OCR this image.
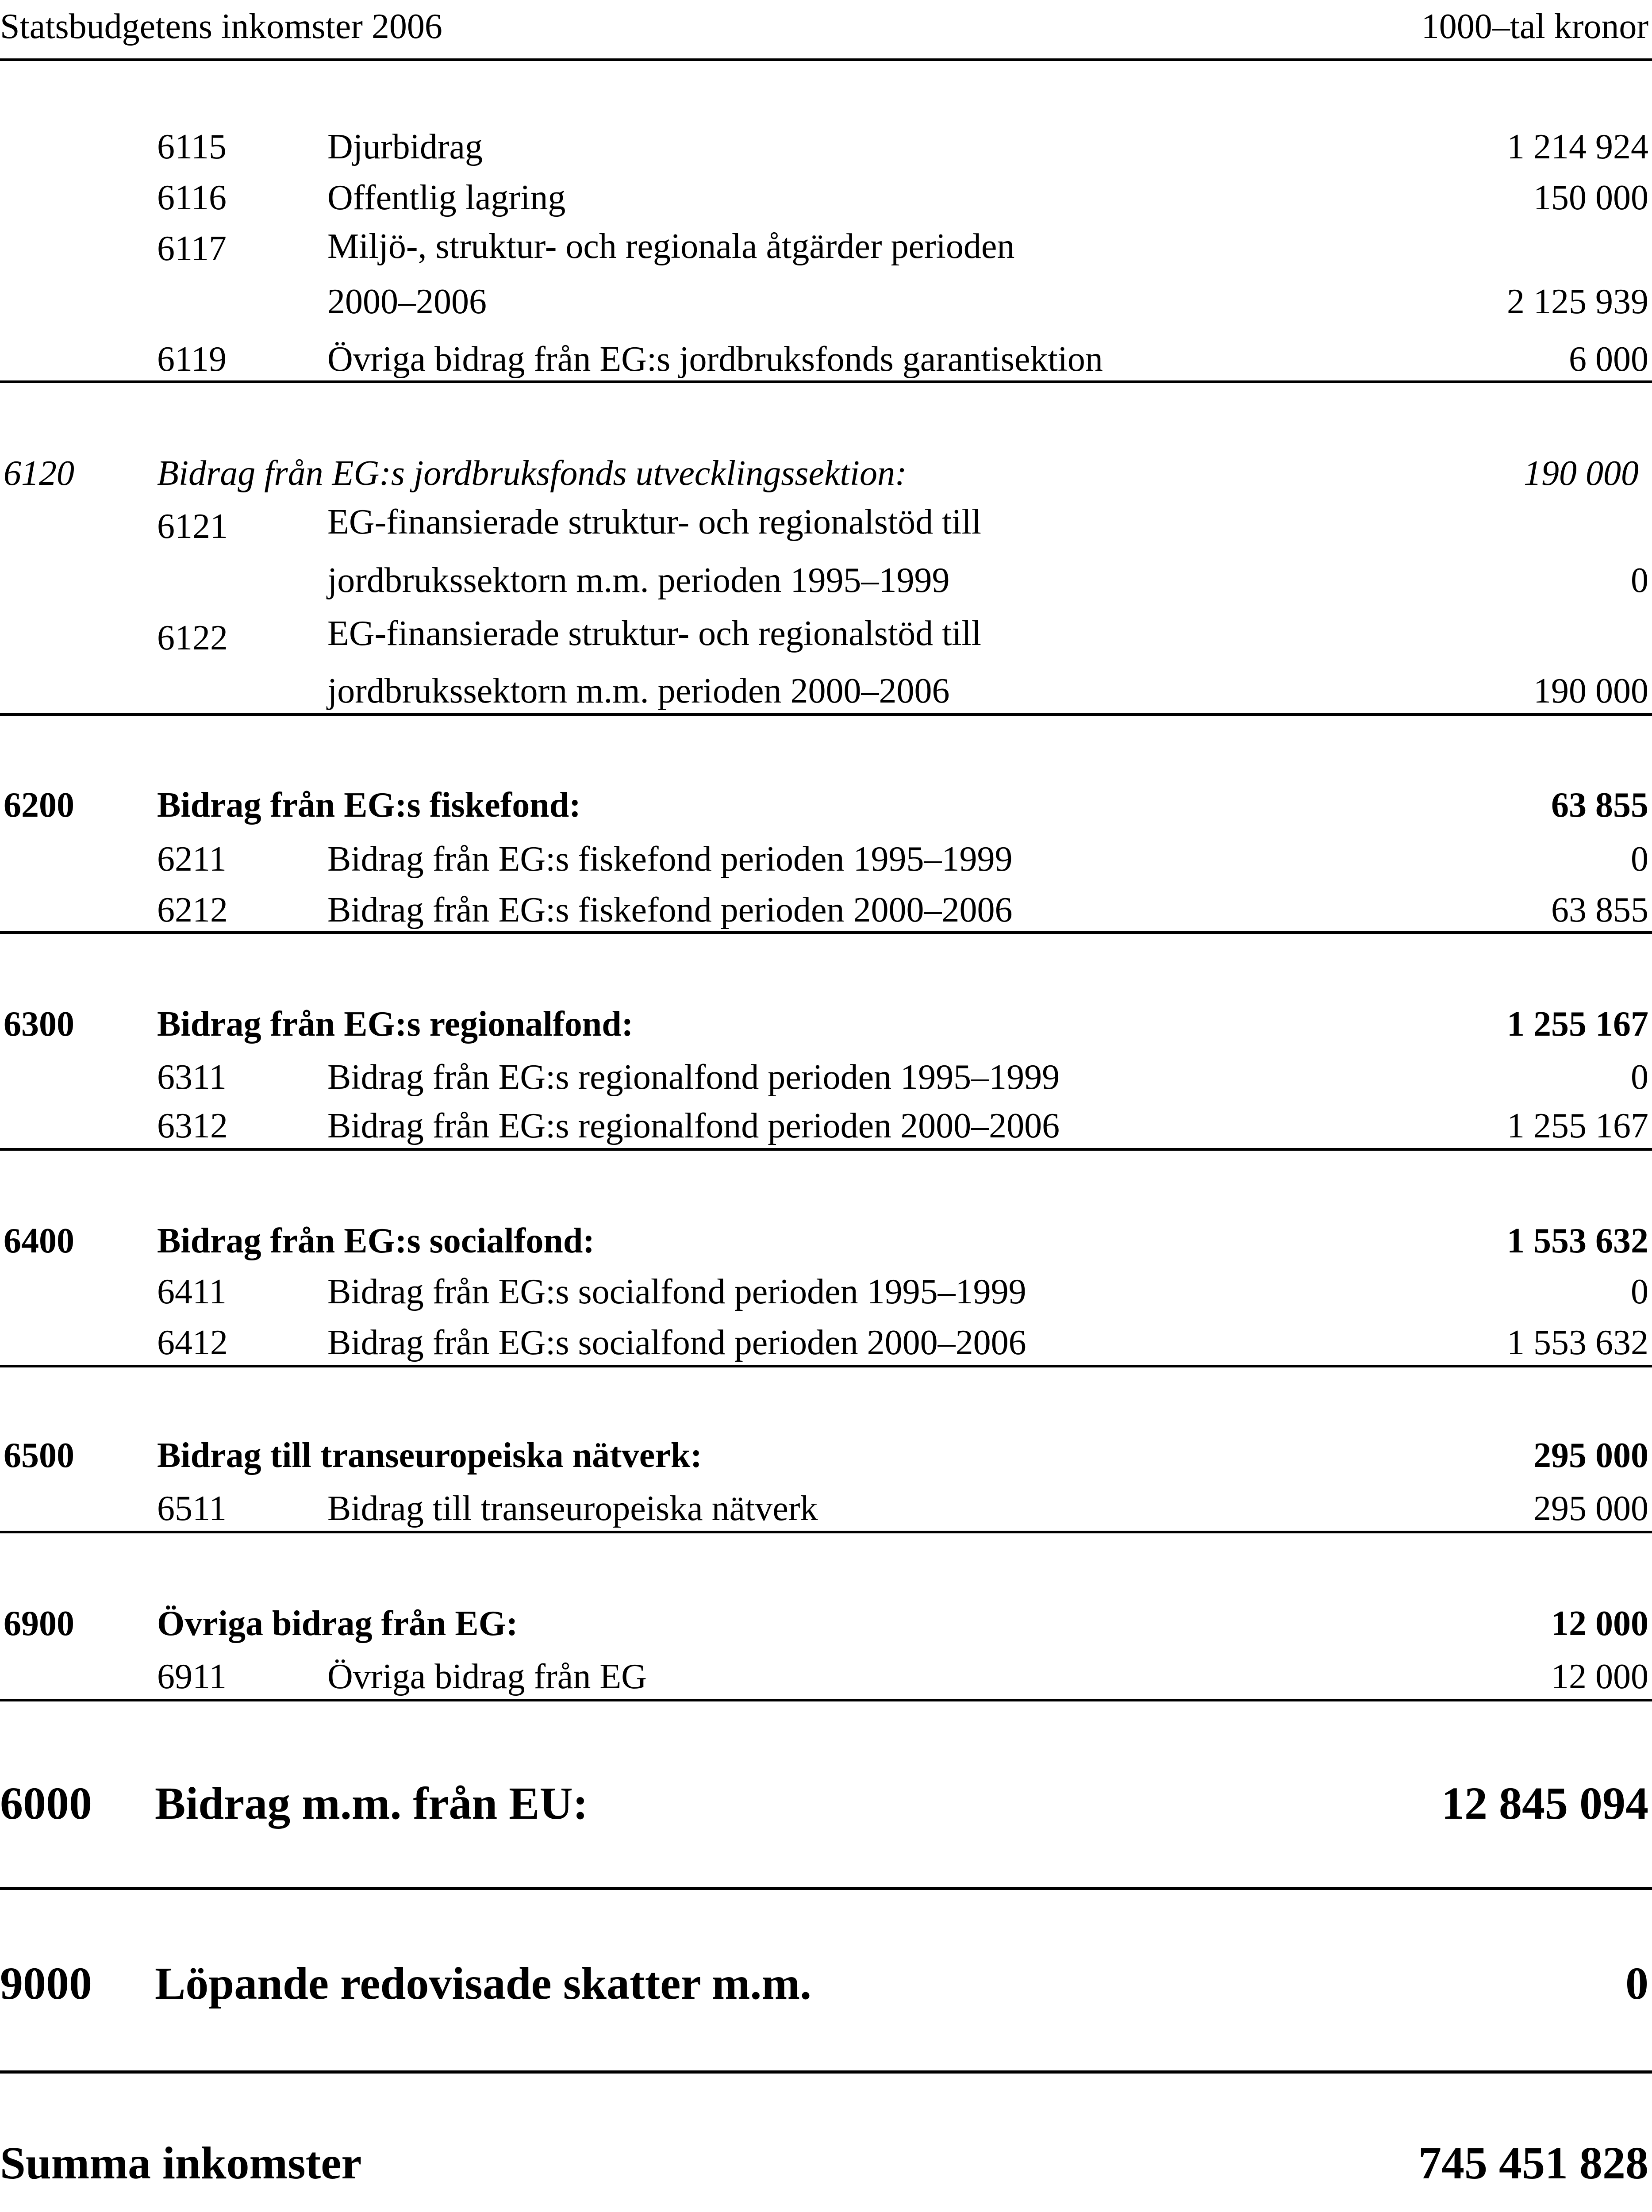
Statsbudgetens inkomster 2006	1000–tal kronor
6115	Djurbidrag	1 214 924
6116	Offentlig lagring	150 000
6117	Miljö-, struktur- och regionala åtgärder perioden
2000–2006	2 125 939
6119	Övriga bidrag från EG:s jordbruksfonds garantisektion	6 000
6120 Bidrag från EG:s jordbruksfonds utvecklingssektion:	190 000
6121	EG-finansierade struktur- och regionalstöd till
jordbrukssektorn m.m. perioden 1995–1999	0
6122	EG-finansierade struktur- och regionalstöd till
jordbrukssektorn m.m. perioden 2000–2006	190 000
6200 Bidrag från EG:s fiskefond:	63 855
6211	Bidrag från EG:s fiskefond perioden 1995–1999	0
6212	Bidrag från EG:s fiskefond perioden 2000–2006	63 855
6300 Bidrag från EG:s regionalfond:	1 255 167
6311	Bidrag från EG:s regionalfond perioden 1995–1999	0
6312	Bidrag från EG:s regionalfond perioden 2000–2006	1 255 167
6400 Bidrag från EG:s socialfond:	1 553 632
6411	Bidrag från EG:s socialfond perioden 1995–1999	0
6412	Bidrag från EG:s socialfond perioden 2000–2006	1 553 632
6500 Bidrag till transeuropeiska nätverk:	295 000
6511	Bidrag till transeuropeiska nätverk	295 000
6900 Övriga bidrag från EG:	12 000
6911	Övriga bidrag från EG	12 000
6000 Bidrag m.m. från EU:	12 845 094
9000 Löpande redovisade skatter m.m.	0
Summa inkomster	745 451 828
